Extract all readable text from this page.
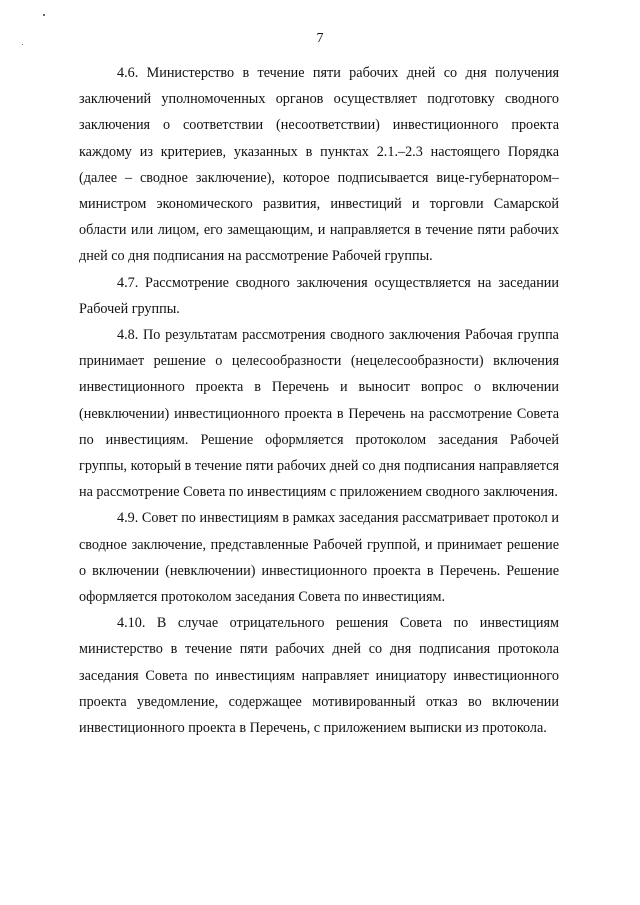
7

4.6. Министерство в течение пяти рабочих дней со дня получения заключений уполномоченных органов осуществляет подготовку сводного заключения о соответствии (несоответствии) инвестиционного проекта каждому из критериев, указанных в пунктах 2.1.–2.3 настоящего Порядка (далее – сводное заключение), которое подписывается вице-губернатором–министром экономического развития, инвестиций и торговли Самарской области или лицом, его замещающим, и направляется в течение пяти рабочих дней со дня подписания на рассмотрение Рабочей группы.

4.7. Рассмотрение сводного заключения осуществляется на заседании Рабочей группы.

4.8. По результатам рассмотрения сводного заключения Рабочая группа принимает решение о целесообразности (нецелесообразности) включения инвестиционного проекта в Перечень и выносит вопрос о включении (невключении) инвестиционного проекта в Перечень на рассмотрение Совета по инвестициям. Решение оформляется протоколом заседания Рабочей группы, который в течение пяти рабочих дней со дня подписания направляется на рассмотрение Совета по инвестициям с приложением сводного заключения.

4.9. Совет по инвестициям в рамках заседания рассматривает протокол и сводное заключение, представленные Рабочей группой, и принимает решение о включении (невключении) инвестиционного проекта в Перечень. Решение оформляется протоколом заседания Совета по инвестициям.

4.10. В случае отрицательного решения Совета по инвестициям министерство в течение пяти рабочих дней со дня подписания протокола заседания Совета по инвестициям направляет инициатору инвестиционного проекта уведомление, содержащее мотивированный отказ во включении инвестиционного проекта в Перечень, с приложением выписки из протокола.
